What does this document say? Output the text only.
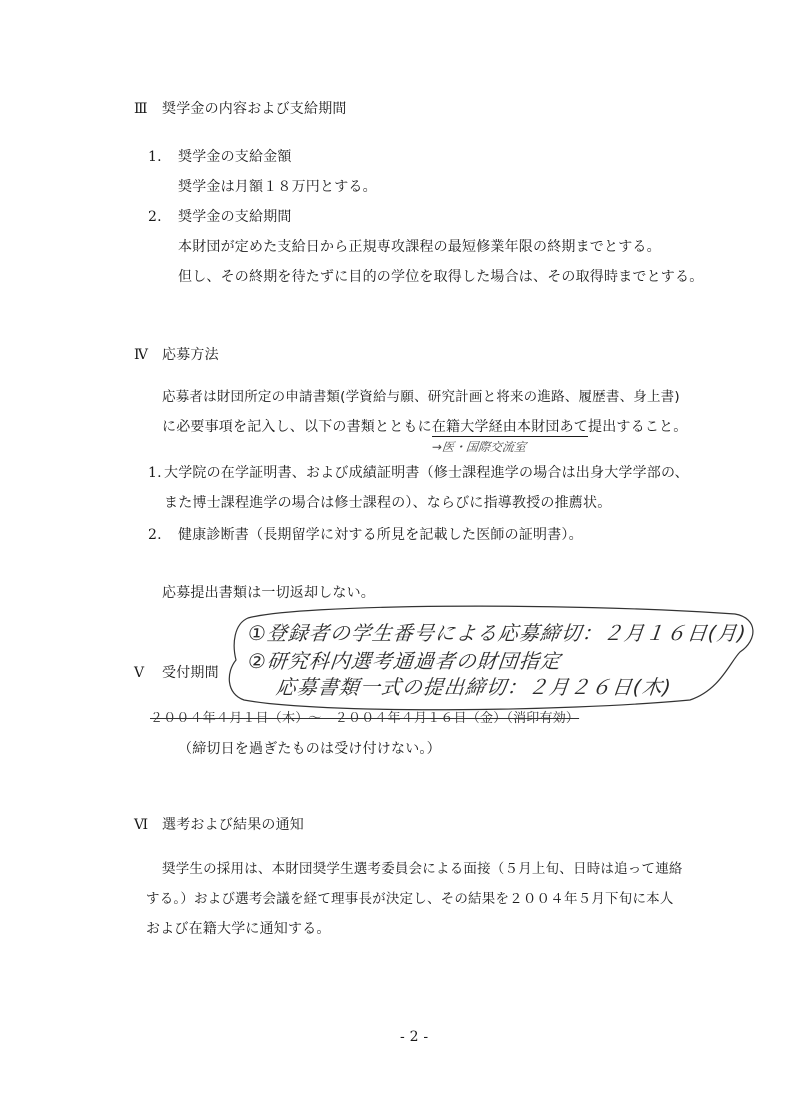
Ⅲ 奨学金の内容および支給期間
1. 奨学金の支給金額
奨学金は月額１８万円とする。
2. 奨学金の支給期間
本財団が定めた支給日から正規専攻課程の最短修業年限の終期までとする。
但し、その終期を待たずに目的の学位を取得した場合は、その取得時までとする。
Ⅳ 応募方法
応募者は財団所定の申請書類(学資給与願、研究計画と将来の進路、履歴書、身上書)
に必要事項を記入し、以下の書類とともに在籍大学経由本財団あて提出すること。
→医・国際交流室
1. 大学院の在学証明書、および成績証明書（修士課程進学の場合は出身大学学部の、
また博士課程進学の場合は修士課程の）、ならびに指導教授の推薦状。
2. 健康診断書（長期留学に対する所見を記載した医師の証明書）。
応募提出書類は一切返却しない。
Ⅴ 受付期間
①登録者の学生番号による応募締切：２月１６日(月)
②研究科内選考通過者の財団指定
応募書類一式の提出締切：２月２６日(木)
２００４年４月１日（木）～　２００４年４月１６日（金）（消印有効）
（締切日を過ぎたものは受け付けない。）
Ⅵ 選考および結果の通知
奨学生の採用は、本財団奨学生選考委員会による面接（５月上旬、日時は追って連絡
する。）および選考会議を経て理事長が決定し、その結果を２００４年５月下旬に本人
および在籍大学に通知する。
- 2 -
